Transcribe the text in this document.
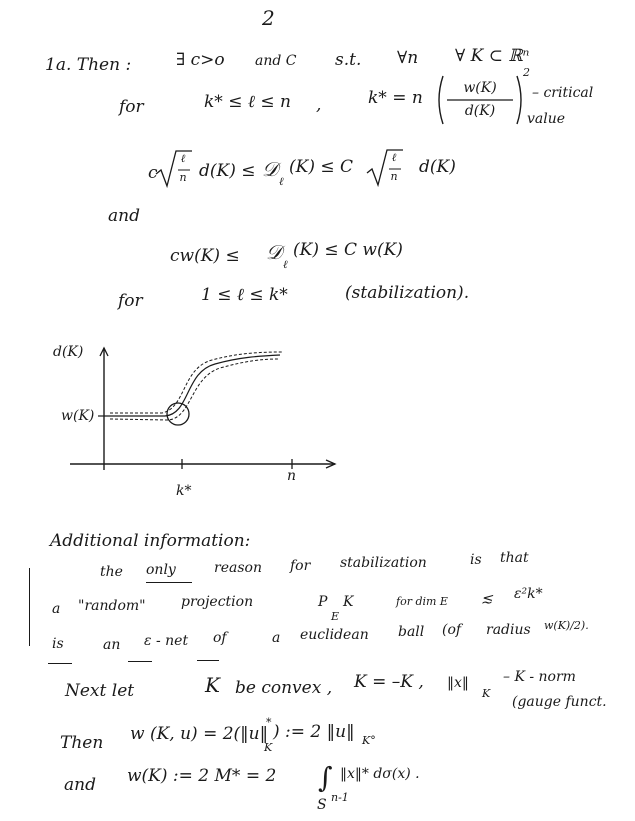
2
1a. Then :	∃ c>o and C s.t. ∀n ∀ K ⊂ ℝⁿ
for	k* ≤ ℓ ≤ n ,	k* = n	w(K)
d(K)
2
– critical
value
c
ℓ
n d(K) ≤ 𝒟
ℓ
(K) ≤ C	ℓ
n d(K)
and
cw(K) ≤ 𝒟
ℓ
(K) ≤ C w(K)
for	1 ≤ ℓ ≤ k*	(stabilization).
d(K)
w(K)
k*
n
Additional information:
the only	reason for stabilization	is that
a "random"	projection	P
E
K	for dim E ≲ ε²k*
is	an ε - net of	a euclidean ball (of radius w(K)/2).
Next let	K be convex , K = –K , ‖x‖
K
– K - norm
(gauge funct.
Then w (K, u) = 2(‖u‖
K
* ) := 2 ‖u‖ K°
and w(K) := 2 M* = 2 ∫ ‖x‖* dσ(x) .
S n-1
